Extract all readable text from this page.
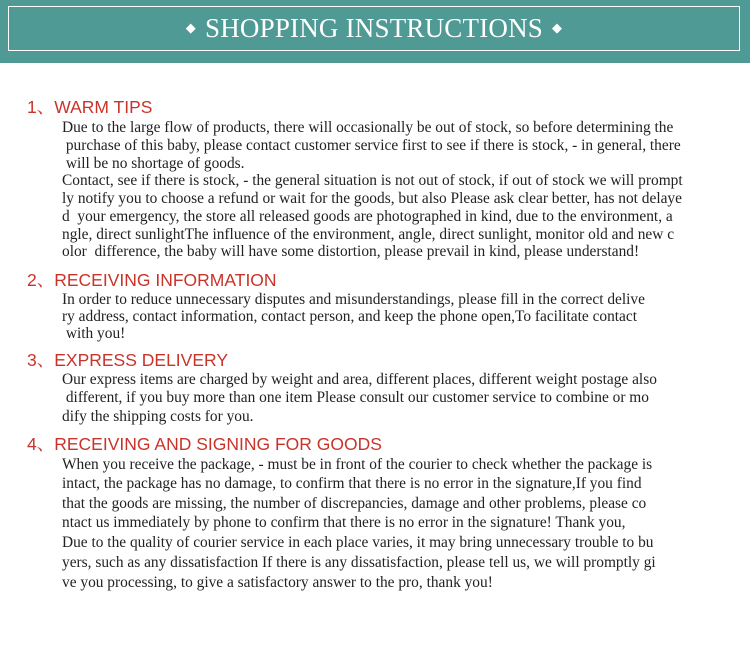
◆ SHOPPING INSTRUCTIONS ◆
1、WARM TIPS
Due to the large flow of products, there will occasionally be out of stock, so before determining the
purchase of this baby, please contact customer service first to see if there is stock, - in general, there
will be no shortage of goods.
Contact, see if there is stock, - the general situation is not out of stock, if out of stock we will prompt
ly notify you to choose a refund or wait for the goods, but also Please ask clear better, has not delaye
d  your emergency, the store all released goods are photographed in kind, due to the environment, a
ngle, direct sunlightThe influence of the environment, angle, direct sunlight, monitor old and new c
olor  difference, the baby will have some distortion, please prevail in kind, please understand!
2、RECEIVING INFORMATION
In order to reduce unnecessary disputes and misunderstandings, please fill in the correct delive
ry address, contact information, contact person, and keep the phone open,To facilitate contact
with you!
3、EXPRESS DELIVERY
Our express items are charged by weight and area, different places, different weight postage also
different, if you buy more than one item Please consult our customer service to combine or mo
dify the shipping costs for you.
4、RECEIVING AND SIGNING FOR GOODS
When you receive the package, - must be in front of the courier to check whether the package is
intact, the package has no damage, to confirm that there is no error in the signature,If you find
that the goods are missing, the number of discrepancies, damage and other problems, please co
ntact us immediately by phone to confirm that there is no error in the signature! Thank you,
Due to the quality of courier service in each place varies, it may bring unnecessary trouble to bu
yers, such as any dissatisfaction If there is any dissatisfaction, please tell us, we will promptly gi
ve you processing, to give a satisfactory answer to the pro, thank you!
